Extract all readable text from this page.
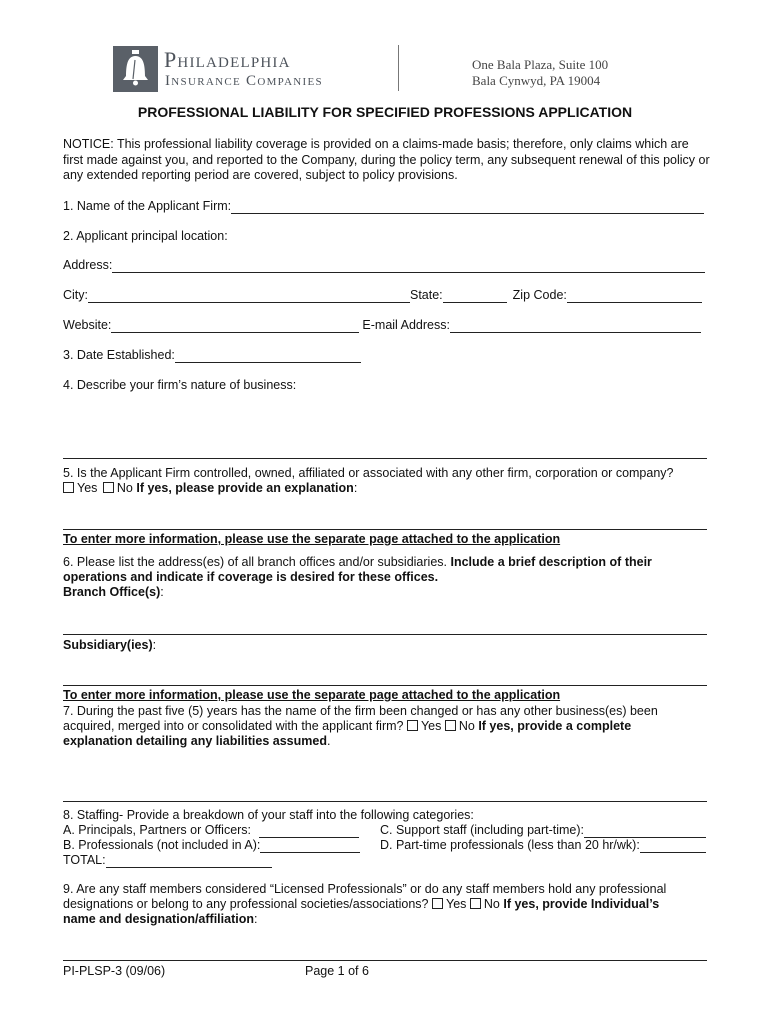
Philadelphia
Insurance Companies
One Bala Plaza, Suite 100
Bala Cynwyd, PA 19004
PROFESSIONAL LIABILITY FOR SPECIFIED PROFESSIONS APPLICATION
NOTICE: This professional liability coverage is provided on a claims-made basis; therefore, only claims which are first made against you, and reported to the Company, during the policy term, any subsequent renewal of this policy or any extended reporting period are covered, subject to policy provisions.
1. Name of the Applicant Firm:
2. Applicant principal location:
Address:
City:	State:	Zip Code:
Website:	E-mail Address:
3. Date Established:
4. Describe your firm’s nature of business:
5. Is the Applicant Firm controlled, owned, affiliated or associated with any other firm, corporation or company?
Yes No If yes, please provide an explanation:
To enter more information, please use the separate page attached to the application
6. Please list the address(es) of all branch offices and/or subsidiaries. Include a brief description of their
operations and indicate if coverage is desired for these offices.
Branch Office(s):
Subsidiary(ies):
To enter more information, please use the separate page attached to the application
7. During the past five (5) years has the name of the firm been changed or has any other business(es) been
acquired, merged into or consolidated with the applicant firm? Yes No If yes, provide a complete
explanation detailing any liabilities assumed.
8. Staffing- Provide a breakdown of your staff into the following categories:
A. Principals, Partners or Officers:	C. Support staff (including part-time):
B. Professionals (not included in A):	D. Part-time professionals (less than 20 hr/wk):
TOTAL:
9. Are any staff members considered “Licensed Professionals” or do any staff members hold any professional
designations or belong to any professional societies/associations? Yes No If yes, provide Individual’s
name and designation/affiliation:
PI-PLSP-3 (09/06)	Page 1 of 6
